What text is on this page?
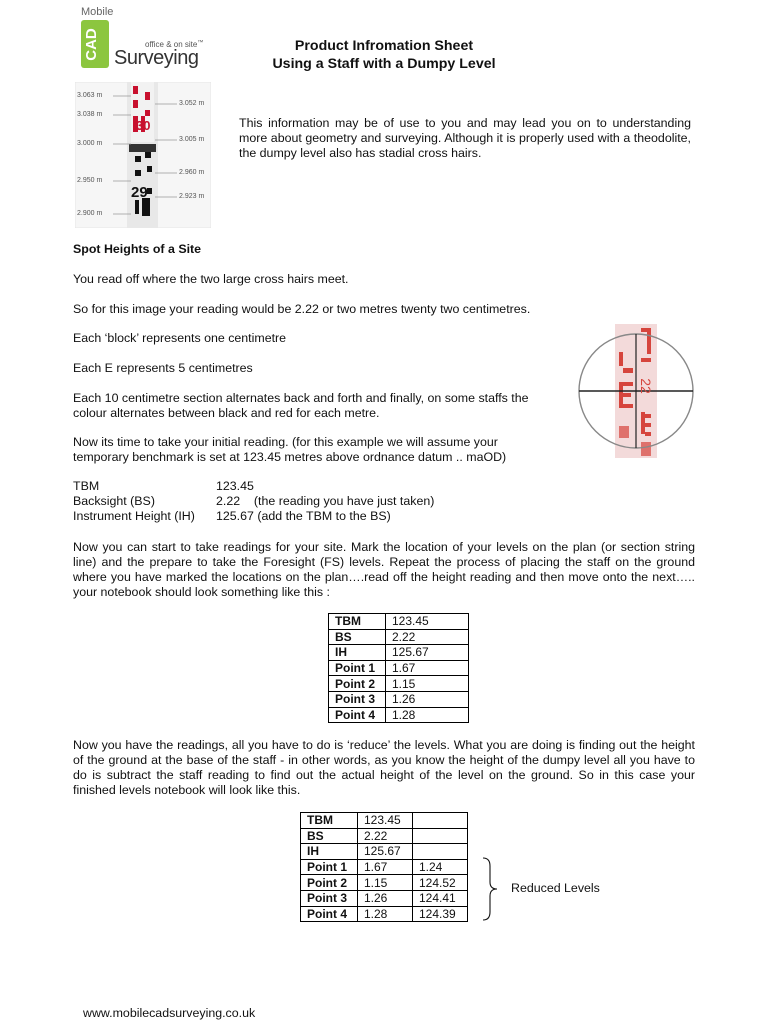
Mobile
CAD	office & on site™
Surveying
Product Infromation Sheet
Using a Staff with a Dumpy Level
30
29
3.063 m
3.038 m
3.000 m
2.950 m
2.900 m
3.052 m
3.005 m
2.960 m
2.923 m

This information may be of use to you and may lead you on to understanding more about geometry and surveying. Although it is properly used with a theodolite, the dumpy level also has stadial cross hairs.

Spot Heights of a Site

You read off where the two large cross hairs meet.

So for this image your reading would be 2.22 or two metres twenty two centimetres.

Each ‘block’ represents one centimetre

Each E represents 5 centimetres

Each 10 centimetre section alternates back and forth and finally, on some staffs the colour alternates between black and red for each metre.

Now its time to take your initial reading. (for this example we will assume your

temporary benchmark is set at 123.45 metres above ordnance datum .. maOD)

22

TBM	123.45

Backsight (BS)	2.22    (the reading you have just taken)

Instrument Height (IH) 125.67 (add the TBM to the BS)

Now you can start to take readings for your site. Mark the location of your levels on the plan (or section string line) and the prepare to take the Foresight (FS) levels. Repeat the process of placing the staff on the ground where you have marked the locations on the plan….read off the height reading and then move onto the next….. your notebook should look something like this :

TBM	123.45
BS	2.22
IH	125.67
Point 1	1.67
Point 2	1.15
Point 3	1.26
Point 4	1.28

Now you have the readings, all you have to do is ‘reduce’ the levels. What you are doing is finding out the height of the ground at the base of the staff - in other words, as you know the height of the dumpy level all you have to do is subtract the staff reading to find out the actual height of the level on the ground. So in this case your finished levels notebook will look like this.

TBM	123.45	
BS	2.22	
IH	125.67	
Point 1	1.67	1.24
Point 2	1.15	124.52
Point 3	1.26	124.41
Point 4	1.28	124.39

Reduced Levels

www.mobilecadsurveying.co.uk
